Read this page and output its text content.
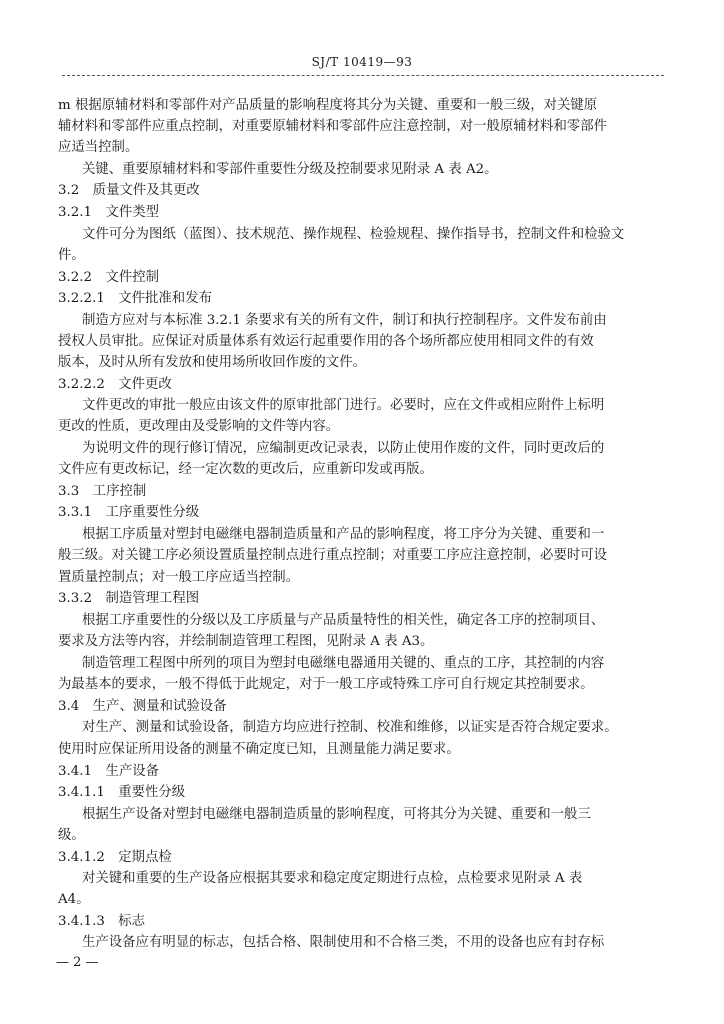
SJ/T 10419—93
m 根据原辅材料和零部件对产品质量的影响程度将其分为关键、重要和一般三级，对关键原
辅材料和零部件应重点控制，对重要原辅材料和零部件应注意控制，对一般原辅材料和零部件
应适当控制。
关键、重要原辅材料和零部件重要性分级及控制要求见附录 A 表 A2。
3.2　质量文件及其更改
3.2.1　文件类型
文件可分为图纸（蓝图）、技术规范、操作规程、检验规程、操作指导书，控制文件和检验文
件。
3.2.2　文件控制
3.2.2.1　文件批准和发布
制造方应对与本标准 3.2.1 条要求有关的所有文件，制订和执行控制程序。文件发布前由
授权人员审批。应保证对质量体系有效运行起重要作用的各个场所都应使用相同文件的有效
版本，及时从所有发放和使用场所收回作废的文件。
3.2.2.2　文件更改
文件更改的审批一般应由该文件的原审批部门进行。必要时，应在文件或相应附件上标明
更改的性质，更改理由及受影响的文件等内容。
为说明文件的现行修订情况，应编制更改记录表，以防止使用作废的文件，同时更改后的
文件应有更改标记，经一定次数的更改后，应重新印发或再版。
3.3　工序控制
3.3.1　工序重要性分级
根据工序质量对塑封电磁继电器制造质量和产品的影响程度，将工序分为关键、重要和一
般三级。对关键工序必须设置质量控制点进行重点控制；对重要工序应注意控制，必要时可设
置质量控制点；对一般工序应适当控制。
3.3.2　制造管理工程图
根据工序重要性的分级以及工序质量与产品质量特性的相关性，确定各工序的控制项目、
要求及方法等内容，并绘制制造管理工程图，见附录 A 表 A3。
制造管理工程图中所列的项目为塑封电磁继电器通用关键的、重点的工序，其控制的内容
为最基本的要求，一般不得低于此规定，对于一般工序或特殊工序可自行规定其控制要求。
3.4　生产、测量和试验设备
对生产、测量和试验设备，制造方均应进行控制、校准和维修，以证实是否符合规定要求。
使用时应保证所用设备的测量不确定度已知，且测量能力满足要求。
3.4.1　生产设备
3.4.1.1　重要性分级
根据生产设备对塑封电磁继电器制造质量的影响程度，可将其分为关键、重要和一般三
级。
3.4.1.2　定期点检
对关键和重要的生产设备应根据其要求和稳定度定期进行点检，点检要求见附录 A 表
A4。
3.4.1.3　标志
生产设备应有明显的标志，包括合格、限制使用和不合格三类，不用的设备也应有封存标
— 2 —
